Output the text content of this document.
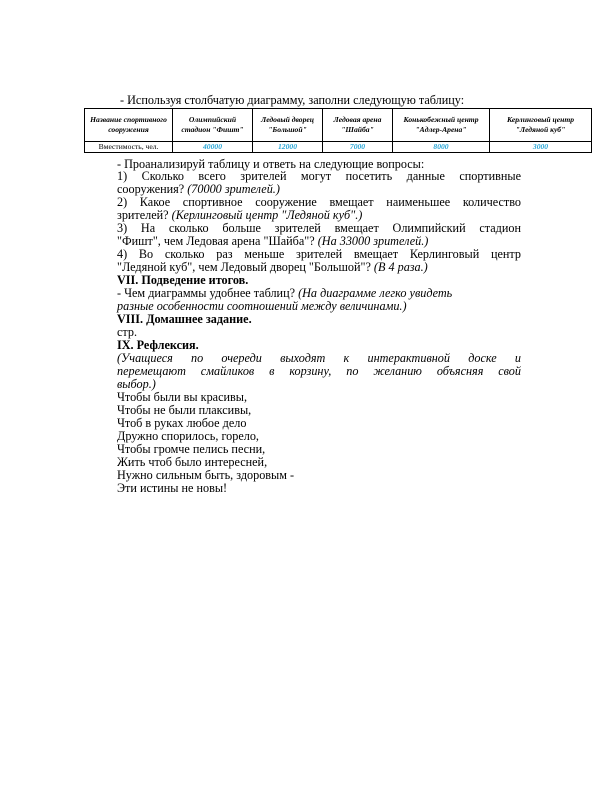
- Используя столбчатую диаграмму, заполни следующую таблицу:
Название спортивного сооружения	Олимпийский стадион "Фишт"	Ледовый дворец "Большой"	Ледовая арена "Шайба"	Конькобежный центр "Адлер-Арена"	Керлинговый центр "Ледяной куб"
Вместимость, чел.	40000	12000	7000	8000	3000
- Проанализируй таблицу и ответь на следующие вопросы:
1) Сколько всего зрителей могут посетить данные спортивные
сооружения? (70000 зрителей.)
2) Какое спортивное сооружение вмещает наименьшее количество
зрителей? (Керлинговый центр "Ледяной куб".)
3) На сколько больше зрителей вмещает Олимпийский стадион
"Фишт", чем Ледовая арена "Шайба"? (На 33000 зрителей.)
4) Во сколько раз меньше зрителей вмещает Керлинговый центр
"Ледяной куб", чем Ледовый дворец "Большой"? (В 4 раза.)
VII. Подведение итогов.
- Чем диаграммы удобнее таблиц? (На диаграмме легко увидеть
разные особенности соотношений между величинами.)
VIII. Домашнее задание.
стр.
IX. Рефлексия.
(Учащиеся по очереди выходят к интерактивной доске и
перемещают смайликов в корзину, по желанию объясняя свой
выбор.)
Чтобы были вы красивы,
Чтобы не были плаксивы,
Чтоб в руках любое дело
Дружно спорилось, горело,
Чтобы громче пелись песни,
Жить чтоб было интересней,
Нужно сильным быть, здоровым -
Эти истины не новы!
